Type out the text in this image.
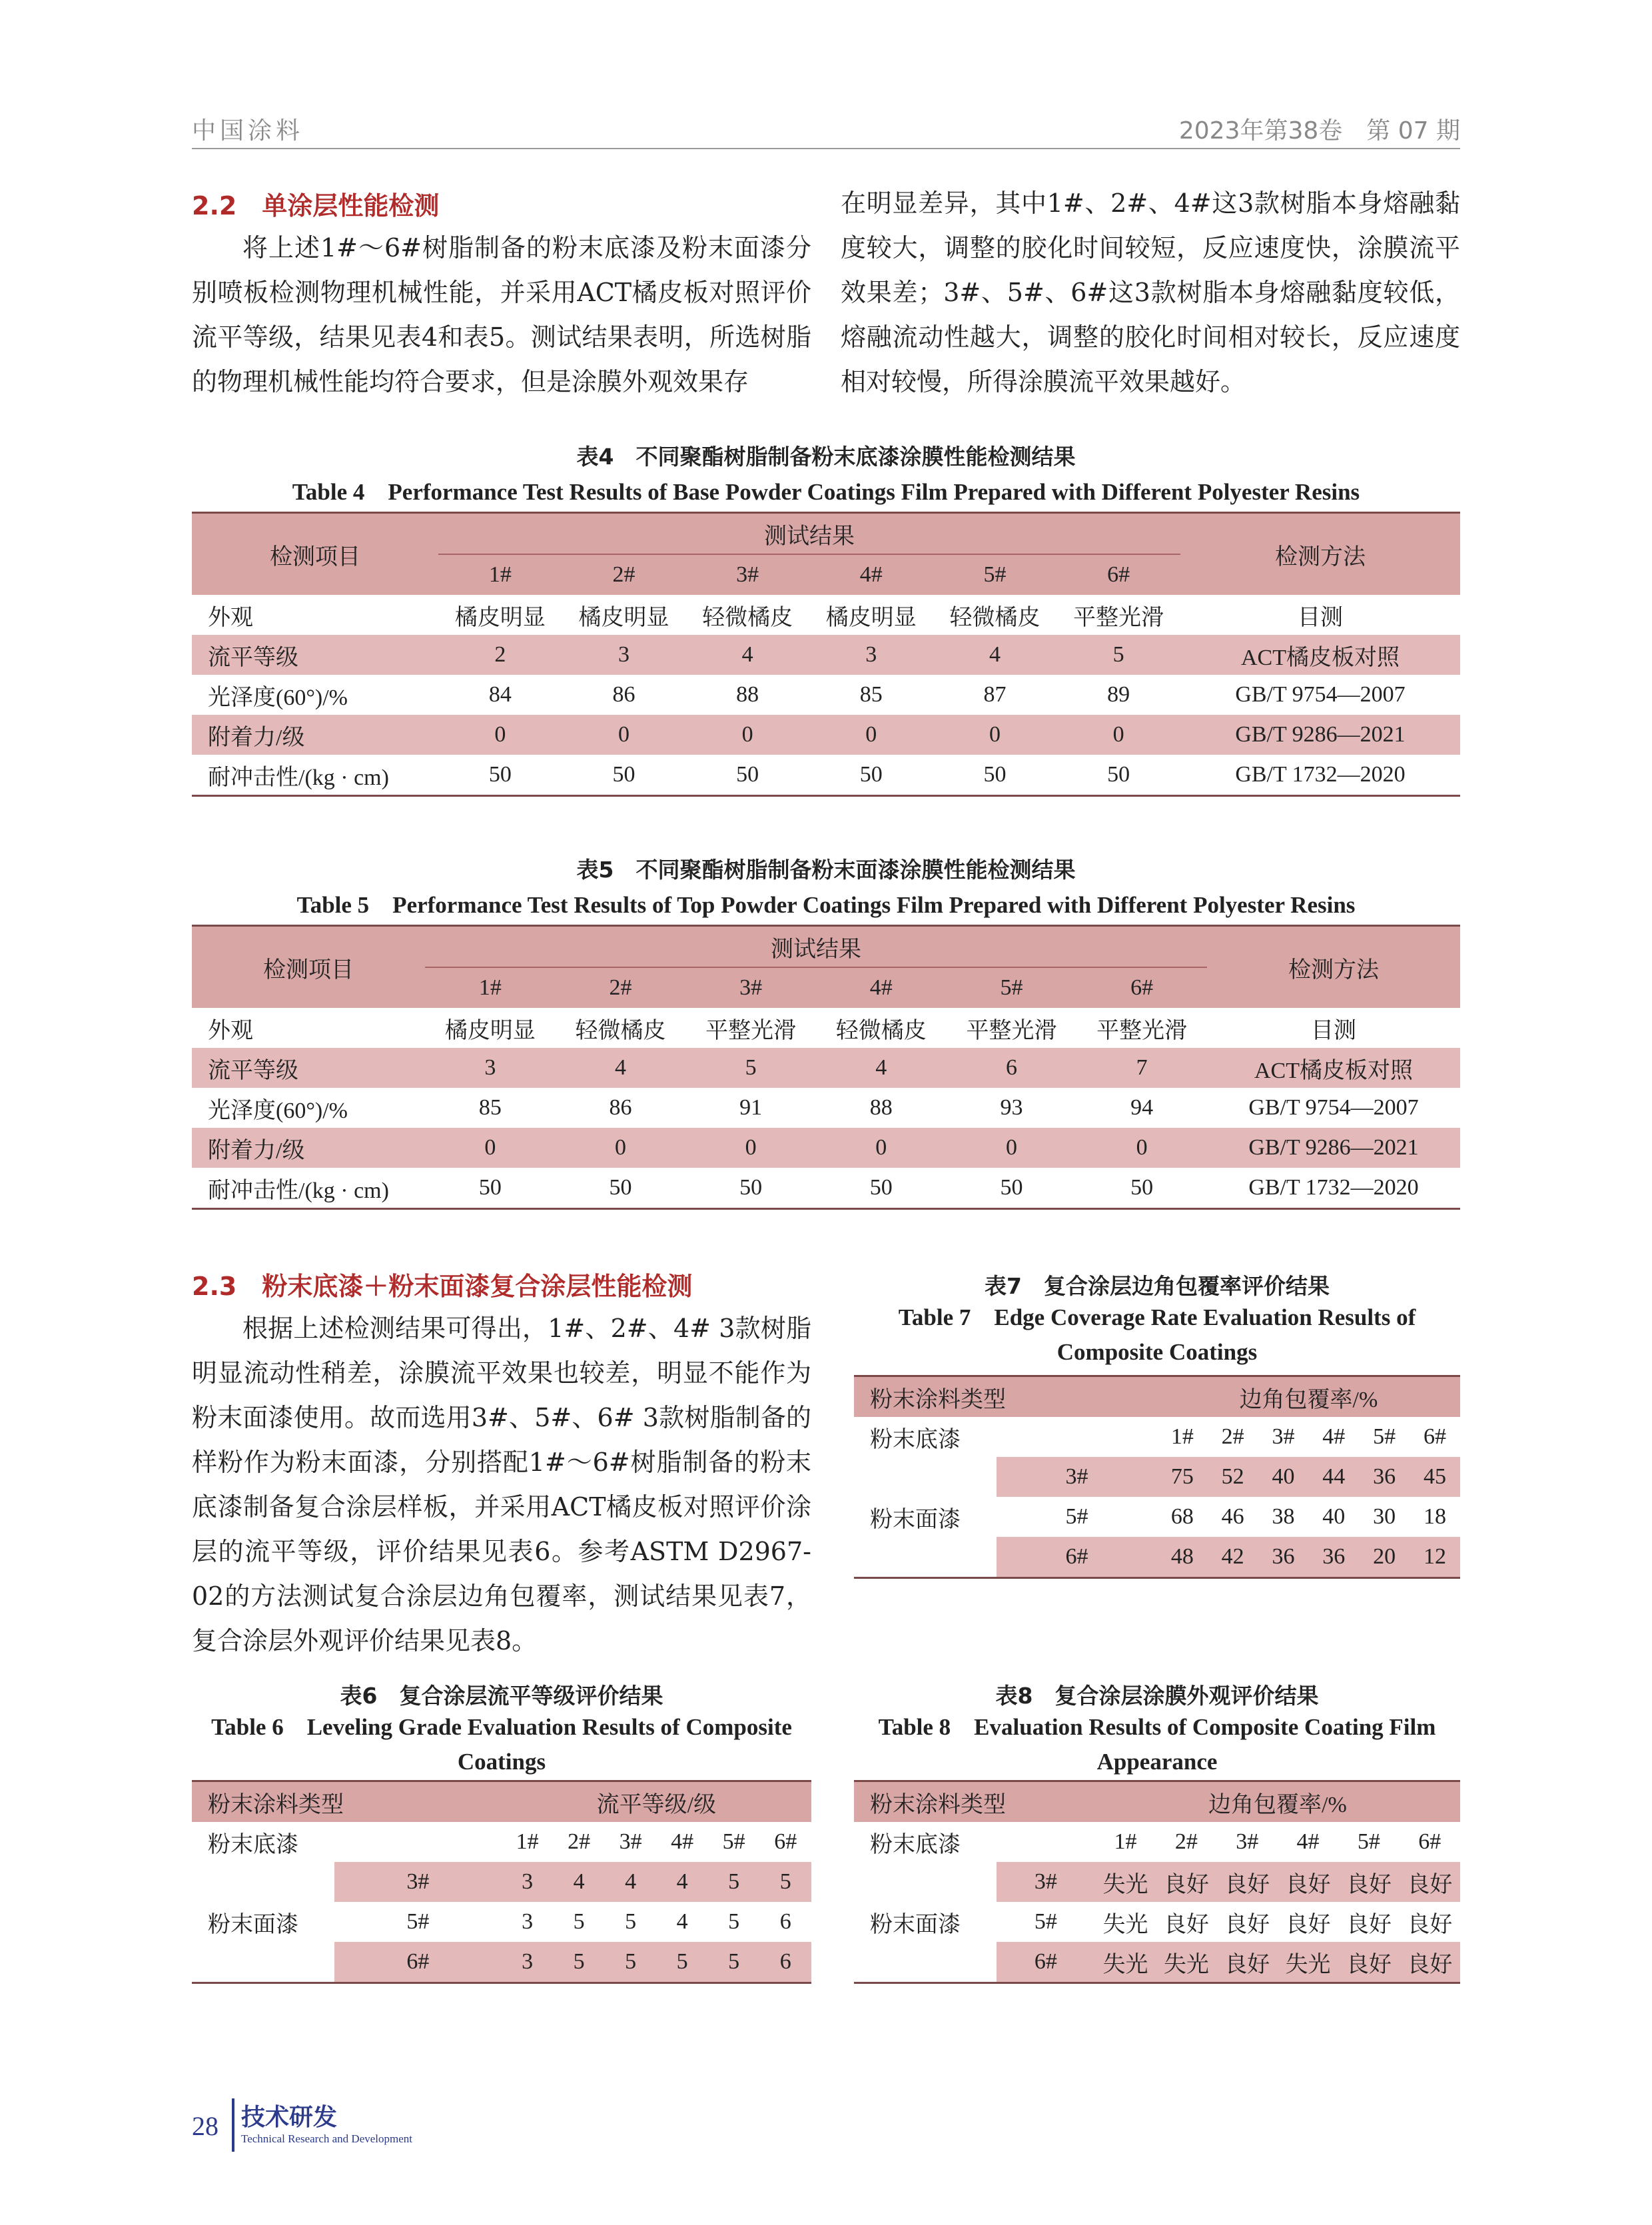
中国涂料	2023年第38卷　第 07 期
2.2　单涂层性能检测

将上述1#～6#树脂制备的粉末底漆及粉末面漆分别喷板检测物理机械性能，并采用ACT橘皮板对照评价流平等级，结果见表4和表5。测试结果表明，所选树脂的物理机械性能均符合要求，但是涂膜外观效果存

在明显差异，其中1#、2#、4#这3款树脂本身熔融黏度较大，调整的胶化时间较短，反应速度快，涂膜流平效果差；3#、5#、6#这3款树脂本身熔融黏度较低，熔融流动性越大，调整的胶化时间相对较长，反应速度相对较慢，所得涂膜流平效果越好。

表4　不同聚酯树脂制备粉末底漆涂膜性能检测结果
Table 4　Performance Test Results of Base Powder Coatings Film Prepared with Different Polyester Resins
检测项目	测试结果						检测方法
	1#	2#	3#	4#	5#	6#	
外观	橘皮明显	橘皮明显	轻微橘皮	橘皮明显	轻微橘皮	平整光滑	目测
流平等级	2	3	4	3	4	5	ACT橘皮板对照
光泽度(60°)/%	84	86	88	85	87	89	GB/T 9754—2007
附着力/级	0	0	0	0	0	0	GB/T 9286—2021
耐冲击性/(kg · cm)	50	50	50	50	50	50	GB/T 1732—2020
表5　不同聚酯树脂制备粉末面漆涂膜性能检测结果
Table 5　Performance Test Results of Top Powder Coatings Film Prepared with Different Polyester Resins
检测项目	测试结果						检测方法
	1#	2#	3#	4#	5#	6#	
外观	橘皮明显	轻微橘皮	平整光滑	轻微橘皮	平整光滑	平整光滑	目测
流平等级	3	4	5	4	6	7	ACT橘皮板对照
光泽度(60°)/%	85	86	91	88	93	94	GB/T 9754—2007
附着力/级	0	0	0	0	0	0	GB/T 9286—2021
耐冲击性/(kg · cm)	50	50	50	50	50	50	GB/T 1732—2020
2.3　粉末底漆＋粉末面漆复合涂层性能检测

根据上述检测结果可得出，1#、2#、4# 3款树脂明显流动性稍差，涂膜流平效果也较差，明显不能作为粉末面漆使用。故而选用3#、5#、6# 3款树脂制备的样粉作为粉末面漆，分别搭配1#～6#树脂制备的粉末底漆制备复合涂层样板，并采用ACT橘皮板对照评价涂层的流平等级，评价结果见表6。参考ASTM D2967-02的方法测试复合涂层边角包覆率，测试结果见表7，复合涂层外观评价结果见表8。

表7　复合涂层边角包覆率评价结果
Table 7　Edge Coverage Rate Evaluation Results of
Composite Coatings
粉末涂料类型		边角包覆率/%					
粉末底漆		1#	2#	3#	4#	5#	6#
粉末面漆	3#	75	52	40	44	36	45
	5#	68	46	38	40	30	18
	6#	48	42	36	36	20	12
表6　复合涂层流平等级评价结果
Table 6　Leveling Grade Evaluation Results of Composite
Coatings
粉末涂料类型		流平等级/级					
粉末底漆		1#	2#	3#	4#	5#	6#
粉末面漆	3#	3	4	4	4	5	5
	5#	3	5	5	4	5	6
	6#	3	5	5	5	5	6
表8　复合涂层涂膜外观评价结果
Table 8　Evaluation Results of Composite Coating Film
Appearance
粉末涂料类型		边角包覆率/%					
粉末底漆		1#	2#	3#	4#	5#	6#
粉末面漆	3#	失光	良好	良好	良好	良好	良好
	5#	失光	良好	良好	良好	良好	良好
	6#	失光	失光	良好	失光	良好	良好
28 技术研发
Technical Research and Development
